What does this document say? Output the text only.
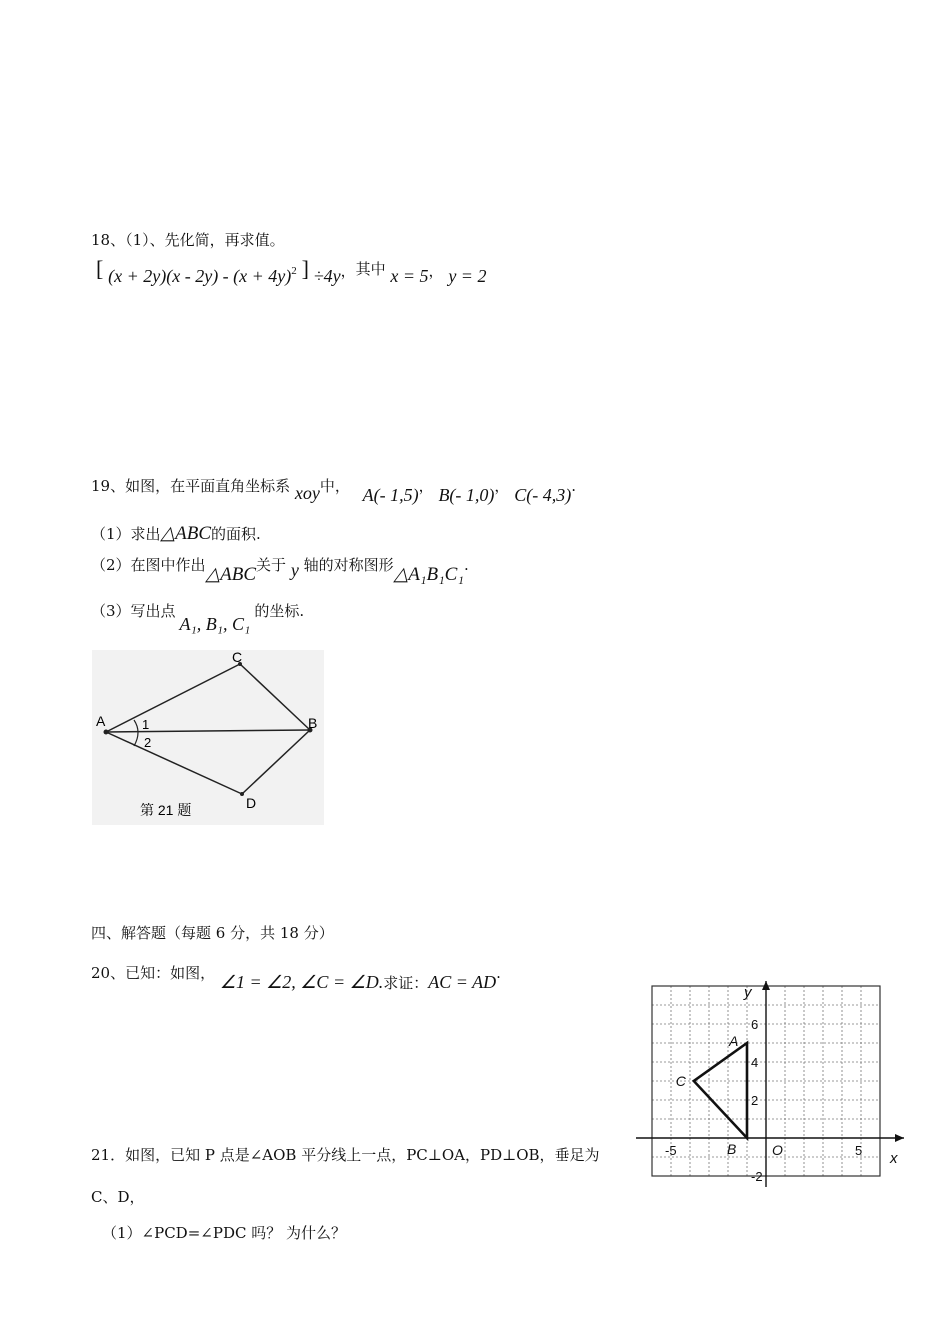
18、（1）、先化简，再求值。
[ $(x + 2y)(x - 2y) - (x + 4y)^2$ ] ÷4y，其中 x = 5， y = 2
19、如图，在平面直角坐标系 xoy中， A(- 1,5)， B(- 1,0)， C(- 4,3).
（1）求出△ABC的面积.
（2）在图中作出△ABC关于 y 轴的对称图形△A₁B₁C₁.
（3）写出点A₁, B₁, C₁的坐标.
A	B
C
D
1
2
第 21 题
四、解答题（每题 6 分，共 18 分）
20、已知：如图， ∠1 = ∠2, ∠C = ∠D.求证：AC = AD.
y
x
O
6
4
2
-2
-5	5
A
B
C
21．如图，已知 P 点是∠AOB 平分线上一点，PC⊥OA，PD⊥OB，垂足为
C、D，
（1）∠PCD=∠PDC 吗？ 为什么？
